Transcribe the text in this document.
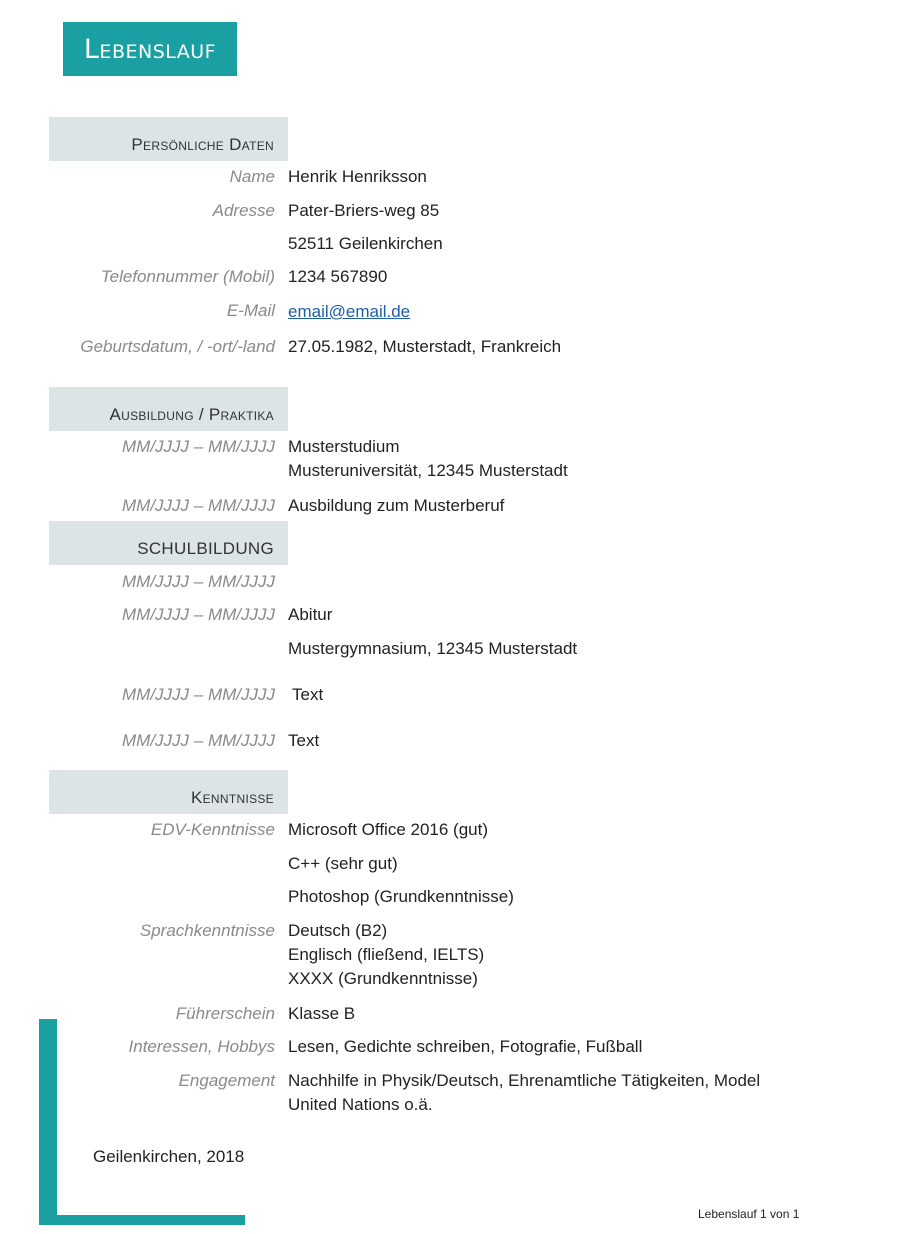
Lebenslauf
Persönliche Daten
Name Henrik Henriksson
Adresse Pater-Briers-weg 85
52511 Geilenkirchen
Telefonnummer (Mobil) 1234 567890
E-Mail email@email.de
Geburtsdatum, / -ort/-land 27.05.1982, Musterstadt, Frankreich
Ausbildung / Praktika
MM/JJJJ – MM/JJJJ Musterstudium
Musteruniversität, 12345 Musterstadt
MM/JJJJ – MM/JJJJ Ausbildung zum Musterberuf
SCHULBILDUNG
MM/JJJJ – MM/JJJJ
MM/JJJJ – MM/JJJJ Abitur
Mustergymnasium, 12345 Musterstadt
MM/JJJJ – MM/JJJJ Text
MM/JJJJ – MM/JJJJ Text
Kenntnisse
EDV-Kenntnisse Microsoft Office 2016 (gut)
C++ (sehr gut)
Photoshop (Grundkenntnisse)
Sprachkenntnisse Deutsch (B2)
Englisch (fließend, IELTS)
XXXX (Grundkenntnisse)
Führerschein Klasse B
Interessen, Hobbys Lesen, Gedichte schreiben, Fotografie, Fußball
Engagement Nachhilfe in Physik/Deutsch, Ehrenamtliche Tätigkeiten, Model
United Nations o.ä.
Geilenkirchen, 2018
Lebenslauf 1 von 1
